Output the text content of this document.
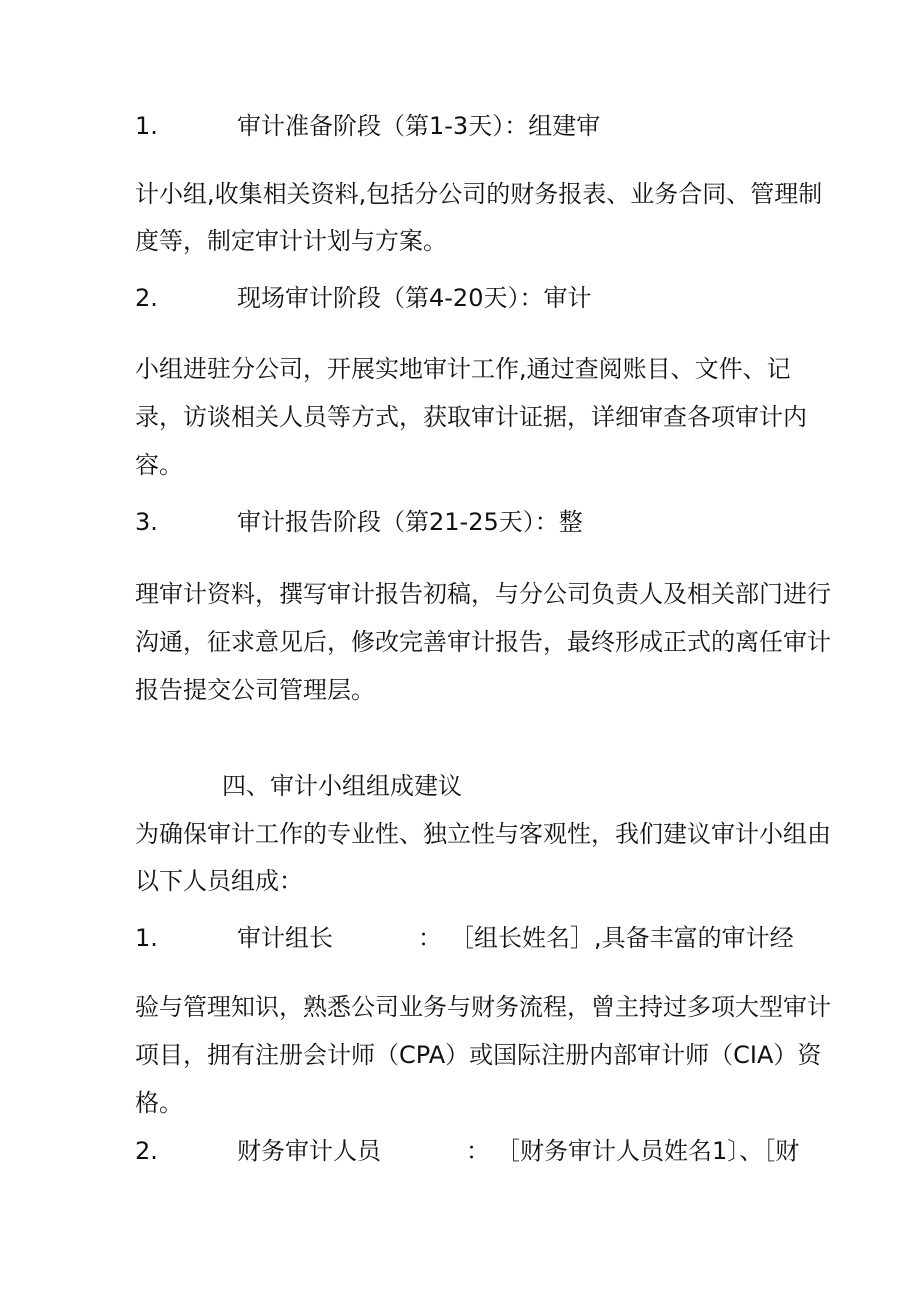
1.	审计准备阶段（第1-3天）：组建审
计小组,收集相关资料,包括分公司的财务报表、业务合同、管理制
度等，制定审计计划与方案。
2.	现场审计阶段（第4-20天）：审计
小组进驻分公司，开展实地审计工作,通过查阅账目、文件、记
录，访谈相关人员等方式，获取审计证据，详细审查各项审计内
容。
3.	审计报告阶段（第21-25天）：整
理审计资料，撰写审计报告初稿，与分公司负责人及相关部门进行
沟通，征求意见后，修改完善审计报告，最终形成正式的离任审计
报告提交公司管理层。
四、审计小组组成建议
为确保审计工作的专业性、独立性与客观性，我们建议审计小组由
以下人员组成：
1.	审计组长	： ［组长姓名］,具备丰富的审计经
验与管理知识，熟悉公司业务与财务流程，曾主持过多项大型审计
项目，拥有注册会计师（CPA）或国际注册内部审计师（CIA）资
格。
2.	财务审计人员	： ［财务审计人员姓名1〕、［财
